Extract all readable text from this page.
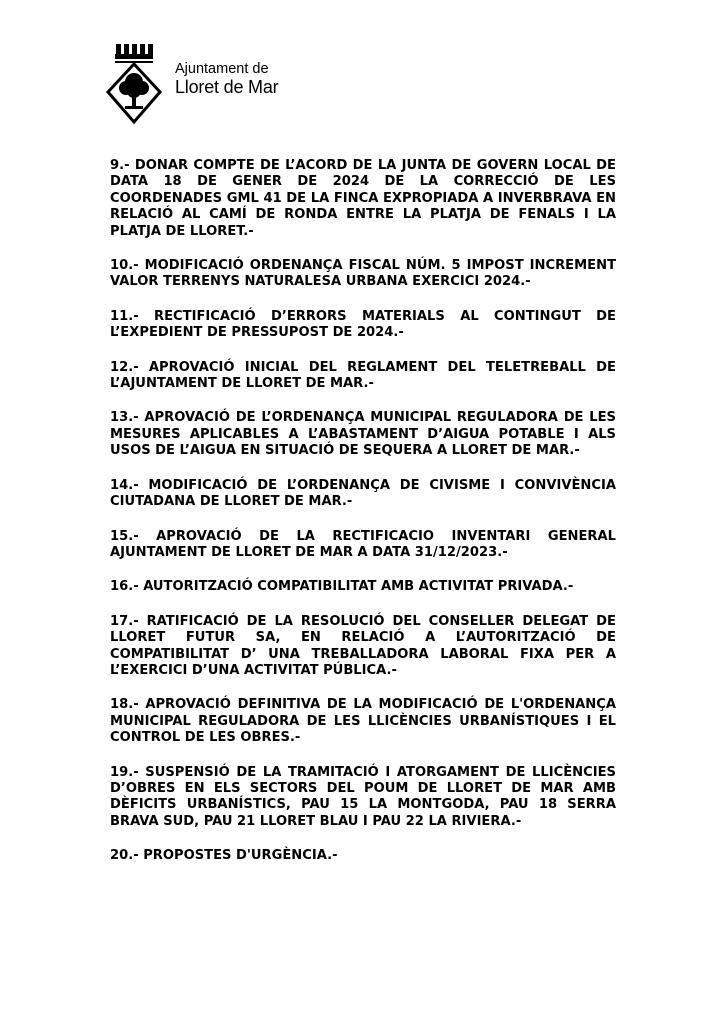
Ajuntament de
Lloret de Mar

9.- DONAR COMPTE DE L’ACORD DE LA JUNTA DE GOVERN LOCAL DE DATA 18 DE GENER DE 2024 DE LA CORRECCIÓ DE LES COORDENADES GML 41 DE LA FINCA EXPROPIADA A INVERBRAVA EN RELACIÓ AL CAMÍ DE RONDA ENTRE LA PLATJA DE FENALS I LA PLATJA DE LLORET.-

10.- MODIFICACIÓ ORDENANÇA FISCAL NÚM. 5 IMPOST INCREMENT VALOR TERRENYS NATURALESA URBANA EXERCICI 2024.-

11.- RECTIFICACIÓ D’ERRORS MATERIALS AL CONTINGUT DE L’EXPEDIENT DE PRESSUPOST DE 2024.-

12.- APROVACIÓ INICIAL DEL REGLAMENT DEL TELETREBALL DE L’AJUNTAMENT DE LLORET DE MAR.-

13.- APROVACIÓ DE L’ORDENANÇA MUNICIPAL REGULADORA DE LES MESURES APLICABLES A L’ABASTAMENT D’AIGUA POTABLE I ALS USOS DE L’AIGUA EN SITUACIÓ DE SEQUERA A LLORET DE MAR.-

14.- MODIFICACIÓ DE L’ORDENANÇA DE CIVISME I CONVIVÈNCIA CIUTADANA DE LLORET DE MAR.-

15.- APROVACIÓ DE LA RECTIFICACIO INVENTARI GENERAL AJUNTAMENT DE LLORET DE MAR A DATA 31/12/2023.-

16.- AUTORITZACIÓ COMPATIBILITAT AMB ACTIVITAT PRIVADA.-

17.- RATIFICACIÓ DE LA RESOLUCIÓ DEL CONSELLER DELEGAT DE LLORET FUTUR SA, EN RELACIÓ A L’AUTORITZACIÓ DE COMPATIBILITAT D’ UNA TREBALLADORA LABORAL FIXA PER A L’EXERCICI D’UNA ACTIVITAT PÚBLICA.-

18.- APROVACIÓ DEFINITIVA DE LA MODIFICACIÓ DE L'ORDENANÇA MUNICIPAL REGULADORA DE LES LLICÈNCIES URBANÍSTIQUES I EL CONTROL DE LES OBRES.-

19.- SUSPENSIÓ DE LA TRAMITACIÓ I ATORGAMENT DE LLICÈNCIES D’OBRES EN ELS SECTORS DEL POUM DE LLORET DE MAR AMB DÈFICITS URBANÍSTICS, PAU 15 LA MONTGODA, PAU 18 SERRA BRAVA SUD, PAU 21 LLORET BLAU I PAU 22 LA RIVIERA.-

20.- PROPOSTES D'URGÈNCIA.-
